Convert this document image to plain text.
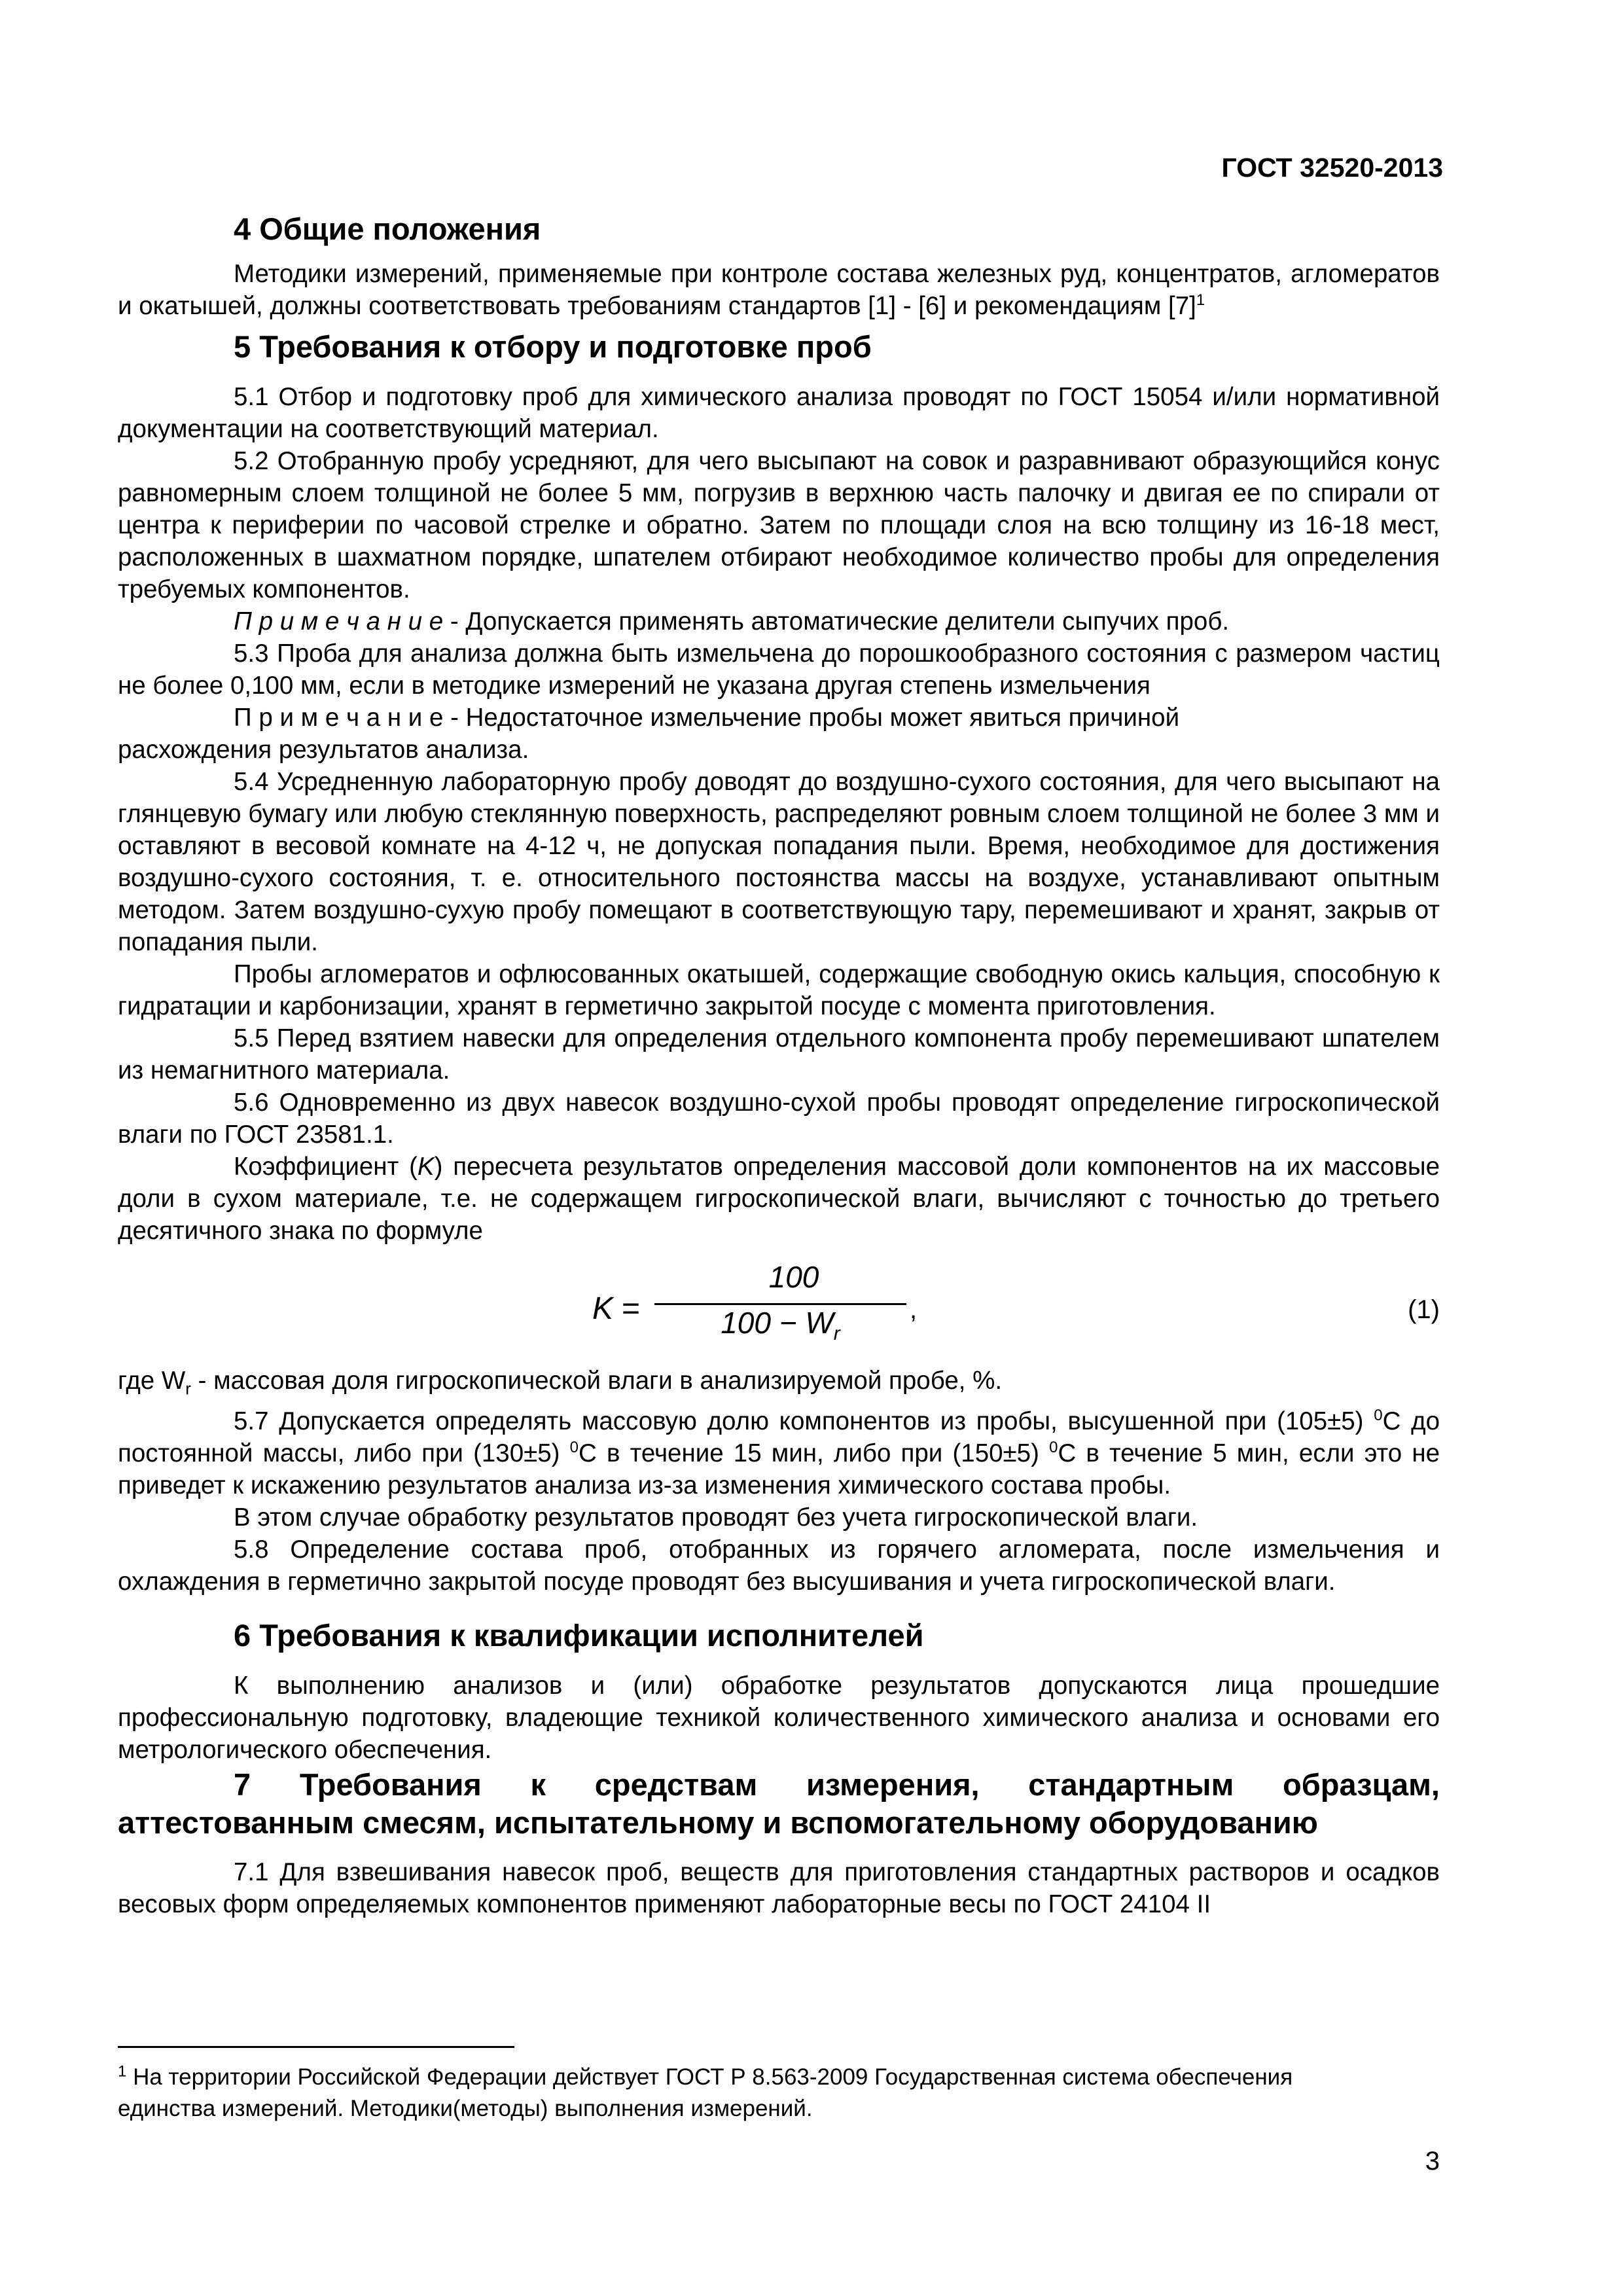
ГОСТ 32520-2013
4 Общие положения

Методики измерений, применяемые при контроле состава железных руд, концентратов, агломератов и окатышей, должны соответствовать требованиям стандартов [1] - [6] и рекомендациям $[7]^1$

5 Требования к отбору и подготовке проб

5.1 Отбор и подготовку проб для химического анализа проводят по ГОСТ 15054 и/или нормативной документации на соответствующий материал.

5.2 Отобранную пробу усредняют, для чего высыпают на совок и разравнивают образующийся конус равномерным слоем толщиной не более 5 мм, погрузив в верхнюю часть палочку и двигая ее по спирали от центра к периферии по часовой стрелке и обратно. Затем по площади слоя на всю толщину из 16-18 мест, расположенных в шахматном порядке, шпателем отбирают необходимое количество пробы для определения требуемых компонентов.

П р и м е ч а н и е - Допускается применять автоматические делители сыпучих проб.

5.3 Проба для анализа должна быть измельчена до порошкообразного состояния с размером частиц не более 0,100 мм, если в методике измерений не указана другая степень измельчения

П р и м е ч а н и е - Недостаточное измельчение пробы может явиться причиной

расхождения результатов анализа.

5.4 Усредненную лабораторную пробу доводят до воздушно-сухого состояния, для чего высыпают на глянцевую бумагу или любую стеклянную поверхность, распределяют ровным слоем толщиной не более 3 мм и оставляют в весовой комнате на 4-12 ч, не допуская попадания пыли. Время, необходимое для достижения воздушно-сухого состояния, т. е. относительного постоянства массы на воздухе, устанавливают опытным методом. Затем воздушно-сухую пробу помещают в соответствующую тару, перемешивают и хранят, закрыв от попадания пыли.

Пробы агломератов и офлюсованных окатышей, содержащие свободную окись кальция, способную к гидратации и карбонизации, хранят в герметично закрытой посуде с момента приготовления.

5.5 Перед взятием навески для определения отдельного компонента пробу перемешивают шпателем из немагнитного материала.

5.6 Одновременно из двух навесок воздушно-сухой пробы проводят определение гигроскопической влаги по ГОСТ 23581.1.

Коэффициент (K) пересчета результатов определения массовой доли компонентов на их массовые доли в сухом материале, т.е. не содержащем гигроскопической влаги, вычисляют с точностью до третьего десятичного знака по формуле

K =
100
$100 - W_r$
,	(1)

где $W_r$ - массовая доля гигроскопической влаги в анализируемой пробе, %.

5.7 Допускается определять массовую долю компонентов из пробы, высушенной при (105±5) $^0$С до постоянной массы, либо при (130±5) $^0$С в течение 15 мин, либо при (150±5) $^0$С в течение 5 мин, если это не приведет к искажению результатов анализа из-за изменения химического состава пробы.

В этом случае обработку результатов проводят без учета гигроскопической влаги.

5.8 Определение состава проб, отобранных из горячего агломерата, после измельчения и охлаждения в герметично закрытой посуде проводят без высушивания и учета гигроскопической влаги.

6 Требования к квалификации исполнителей

К выполнению анализов и (или) обработке результатов допускаются лица прошедшие профессиональную подготовку, владеющие техникой количественного химического анализа и основами его метрологического обеспечения.

7 Требования к средствам измерения, стандартным образцам, аттестованным смесям, испытательному и вспомогательному оборудованию

7.1 Для взвешивания навесок проб, веществ для приготовления стандартных растворов и осадков весовых форм определяемых компонентов применяют лабораторные весы по ГОСТ 24104 II

$^1$ На территории Российской Федерации действует ГОСТ Р 8.563-2009 Государственная система обеспечения единства измерений. Методики(методы) выполнения измерений.
3
